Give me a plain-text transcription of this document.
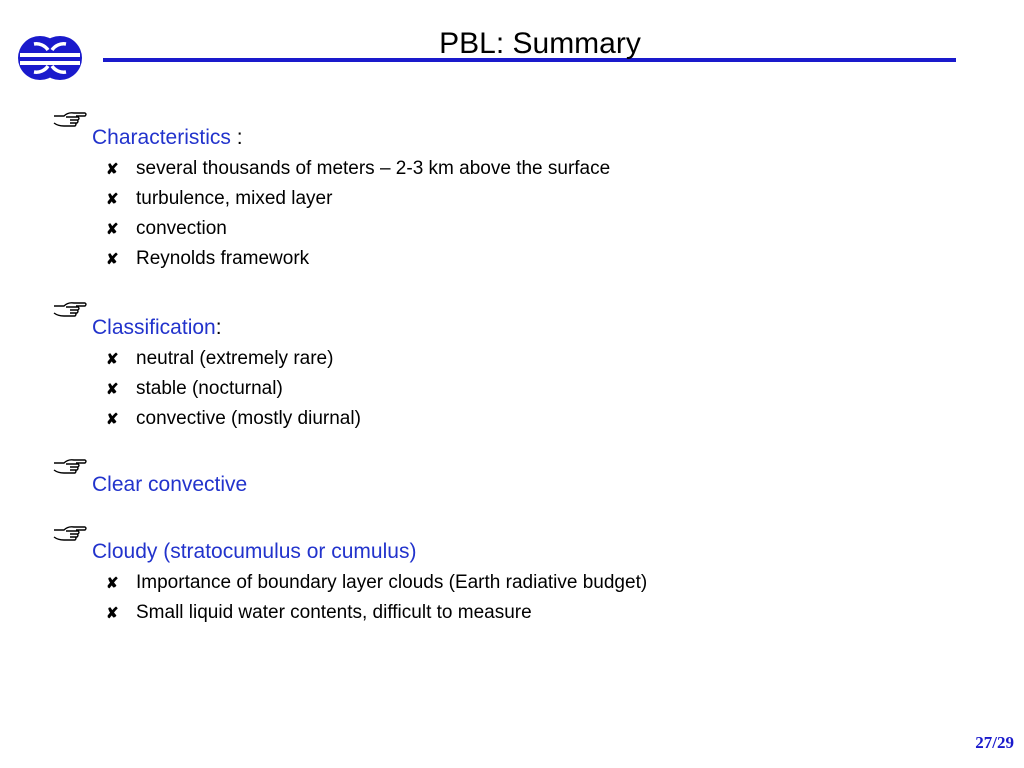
PBL: Summary
Characteristics :
✘ several thousands of meters – 2-3 km above the surface
✘ turbulence, mixed layer
✘ convection
✘ Reynolds framework
Classification:
✘ neutral (extremely rare)
✘ stable (nocturnal)
✘ convective (mostly diurnal)
Clear convective
Cloudy (stratocumulus or cumulus)
✘ Importance of boundary layer clouds (Earth radiative budget)
✘ Small liquid water contents, difficult to measure
27/29
